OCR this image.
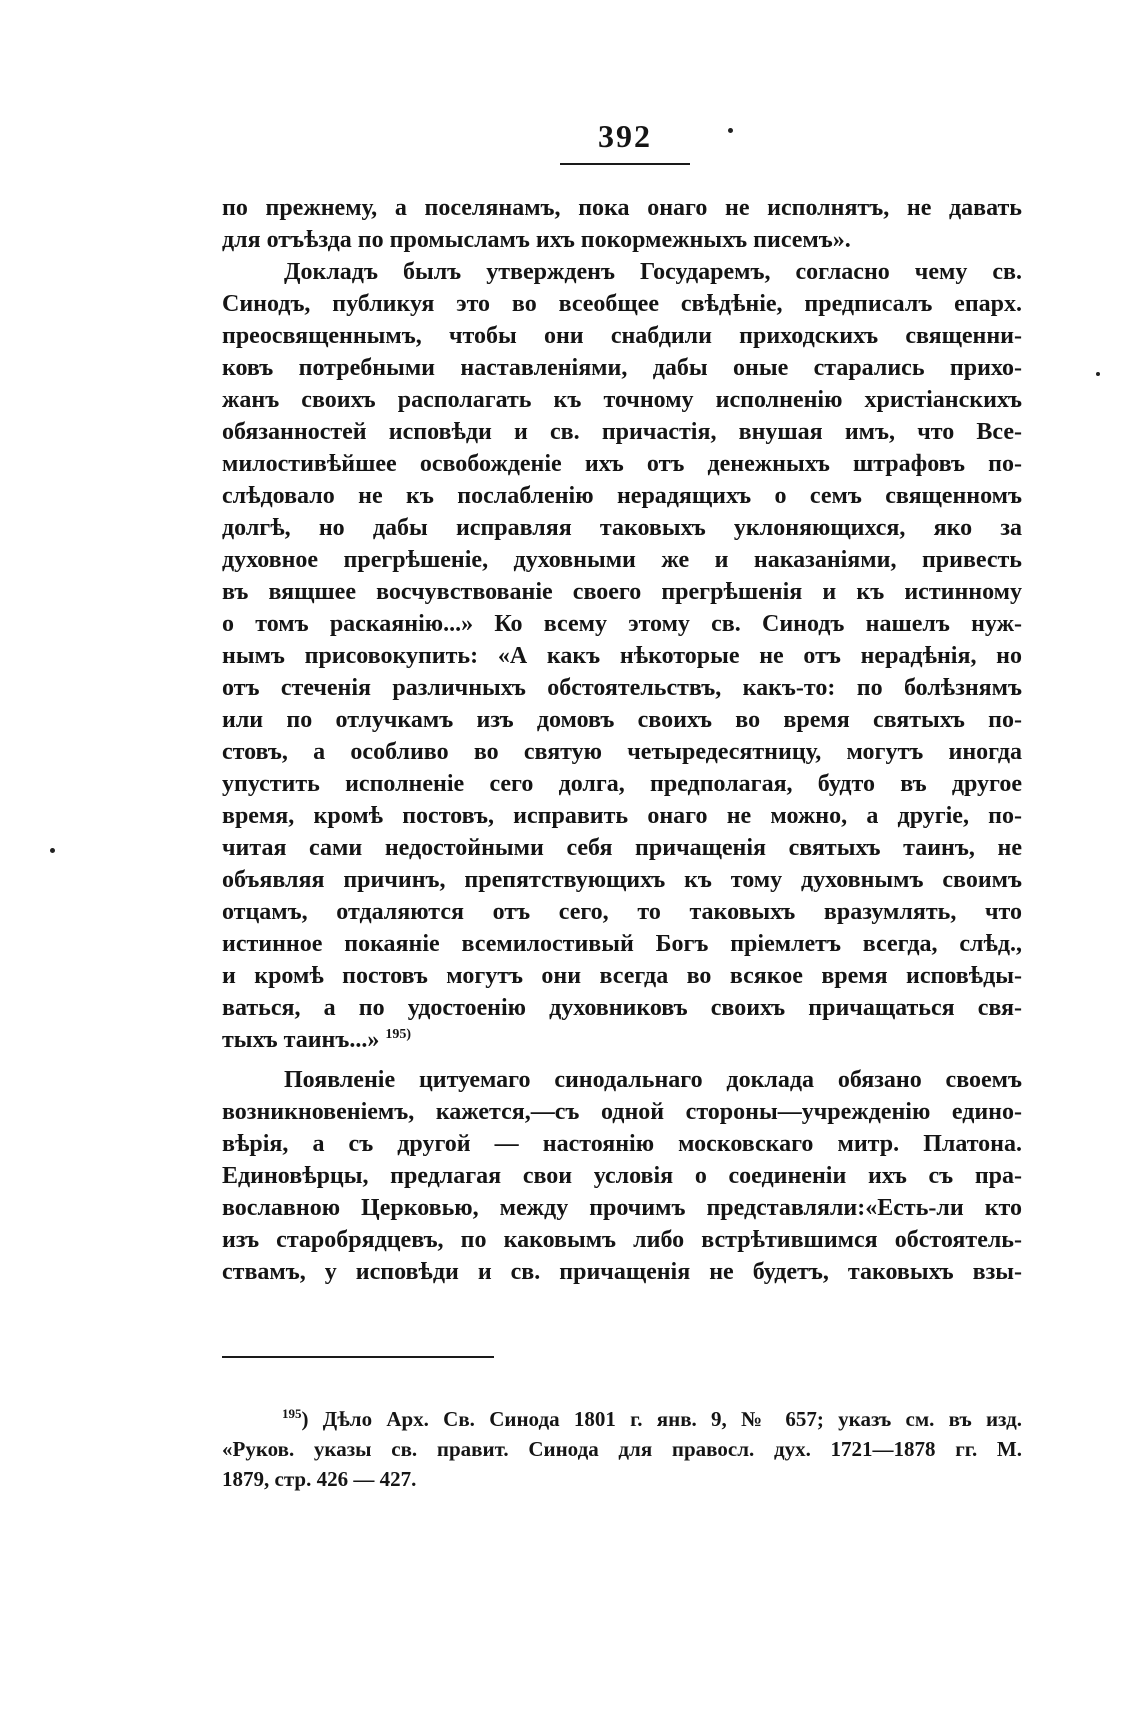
392

по прежнему, а поселянамъ, пока онаго не исполнятъ, не давать
для отъѣзда по промысламъ ихъ покормежныхъ писемъ».

Докладъ былъ утвержденъ Государемъ, согласно чему св.
Синодъ, публикуя это во всеобщее свѣдѣніе, предписалъ епарх.
преосвященнымъ, чтобы они снабдили приходскихъ священни-
ковъ потребными наставленіями, дабы оные старались прихо-
жанъ своихъ располагать къ точному исполненію христіанскихъ
обязанностей исповѣди и св. причастія, внушая имъ, что Все-
милостивѣйшее освобожденіе ихъ отъ денежныхъ штрафовъ по-
слѣдовало не къ послабленію нерадящихъ о семъ священномъ
долгѣ, но дабы исправляя таковыхъ уклоняющихся, яко за
духовное прегрѣшеніе, духовными же и наказаніями, привесть
въ вящшее восчувствованіе своего прегрѣшенія и къ истинному
о томъ раскаянію...» Ко всему этому св. Синодъ нашелъ нуж-
нымъ присовокупить: «А какъ нѣкоторые не отъ нерадѣнія, но
отъ стеченія различныхъ обстоятельствъ, какъ-то: по болѣзнямъ
или по отлучкамъ изъ домовъ своихъ во время святыхъ по-
стовъ, а особливо во святую четыредесятницу, могутъ иногда
упустить исполненіе сего долга, предполагая, будто въ другое
время, кромѣ постовъ, исправить онаго не можно, а другіе, по-
читая сами недостойными себя причащенія святыхъ таинъ, не
объявляя причинъ, препятствующихъ къ тому духовнымъ своимъ
отцамъ, отдаляются отъ сего, то таковыхъ вразумлять, что
истинное покаяніе всемилостивый Богъ пріемлетъ всегда, слѣд.,
и кромѣ постовъ могутъ они всегда во всякое время исповѣды-
ваться, а по удостоенію духовниковъ своихъ причащаться свя-
тыхъ таинъ...» $^{195)}$

Появленіе цитуемаго синодальнаго доклада обязано своемъ
возникновеніемъ, кажется,—съ одной стороны—учрежденію едино-
вѣрія, а съ другой — настоянію московскаго митр. Платона.
Единовѣрцы, предлагая свои условія о соединеніи ихъ съ пра-
вославною Церковью, между прочимъ представляли:«Есть-ли кто
изъ старобрядцевъ, по каковымъ либо встрѣтившимся обстоятель-
ствамъ, у исповѣди и св. причащенія не будетъ, таковыхъ взы-

$^{195}$) Дѣло Арх. Св. Синода 1801 г. янв. 9, № 657; указъ см. въ изд.
«Руков. указы св. правит. Синода для правосл. дух. 1721—1878 гг. М.
1879, стр. 426 — 427.
